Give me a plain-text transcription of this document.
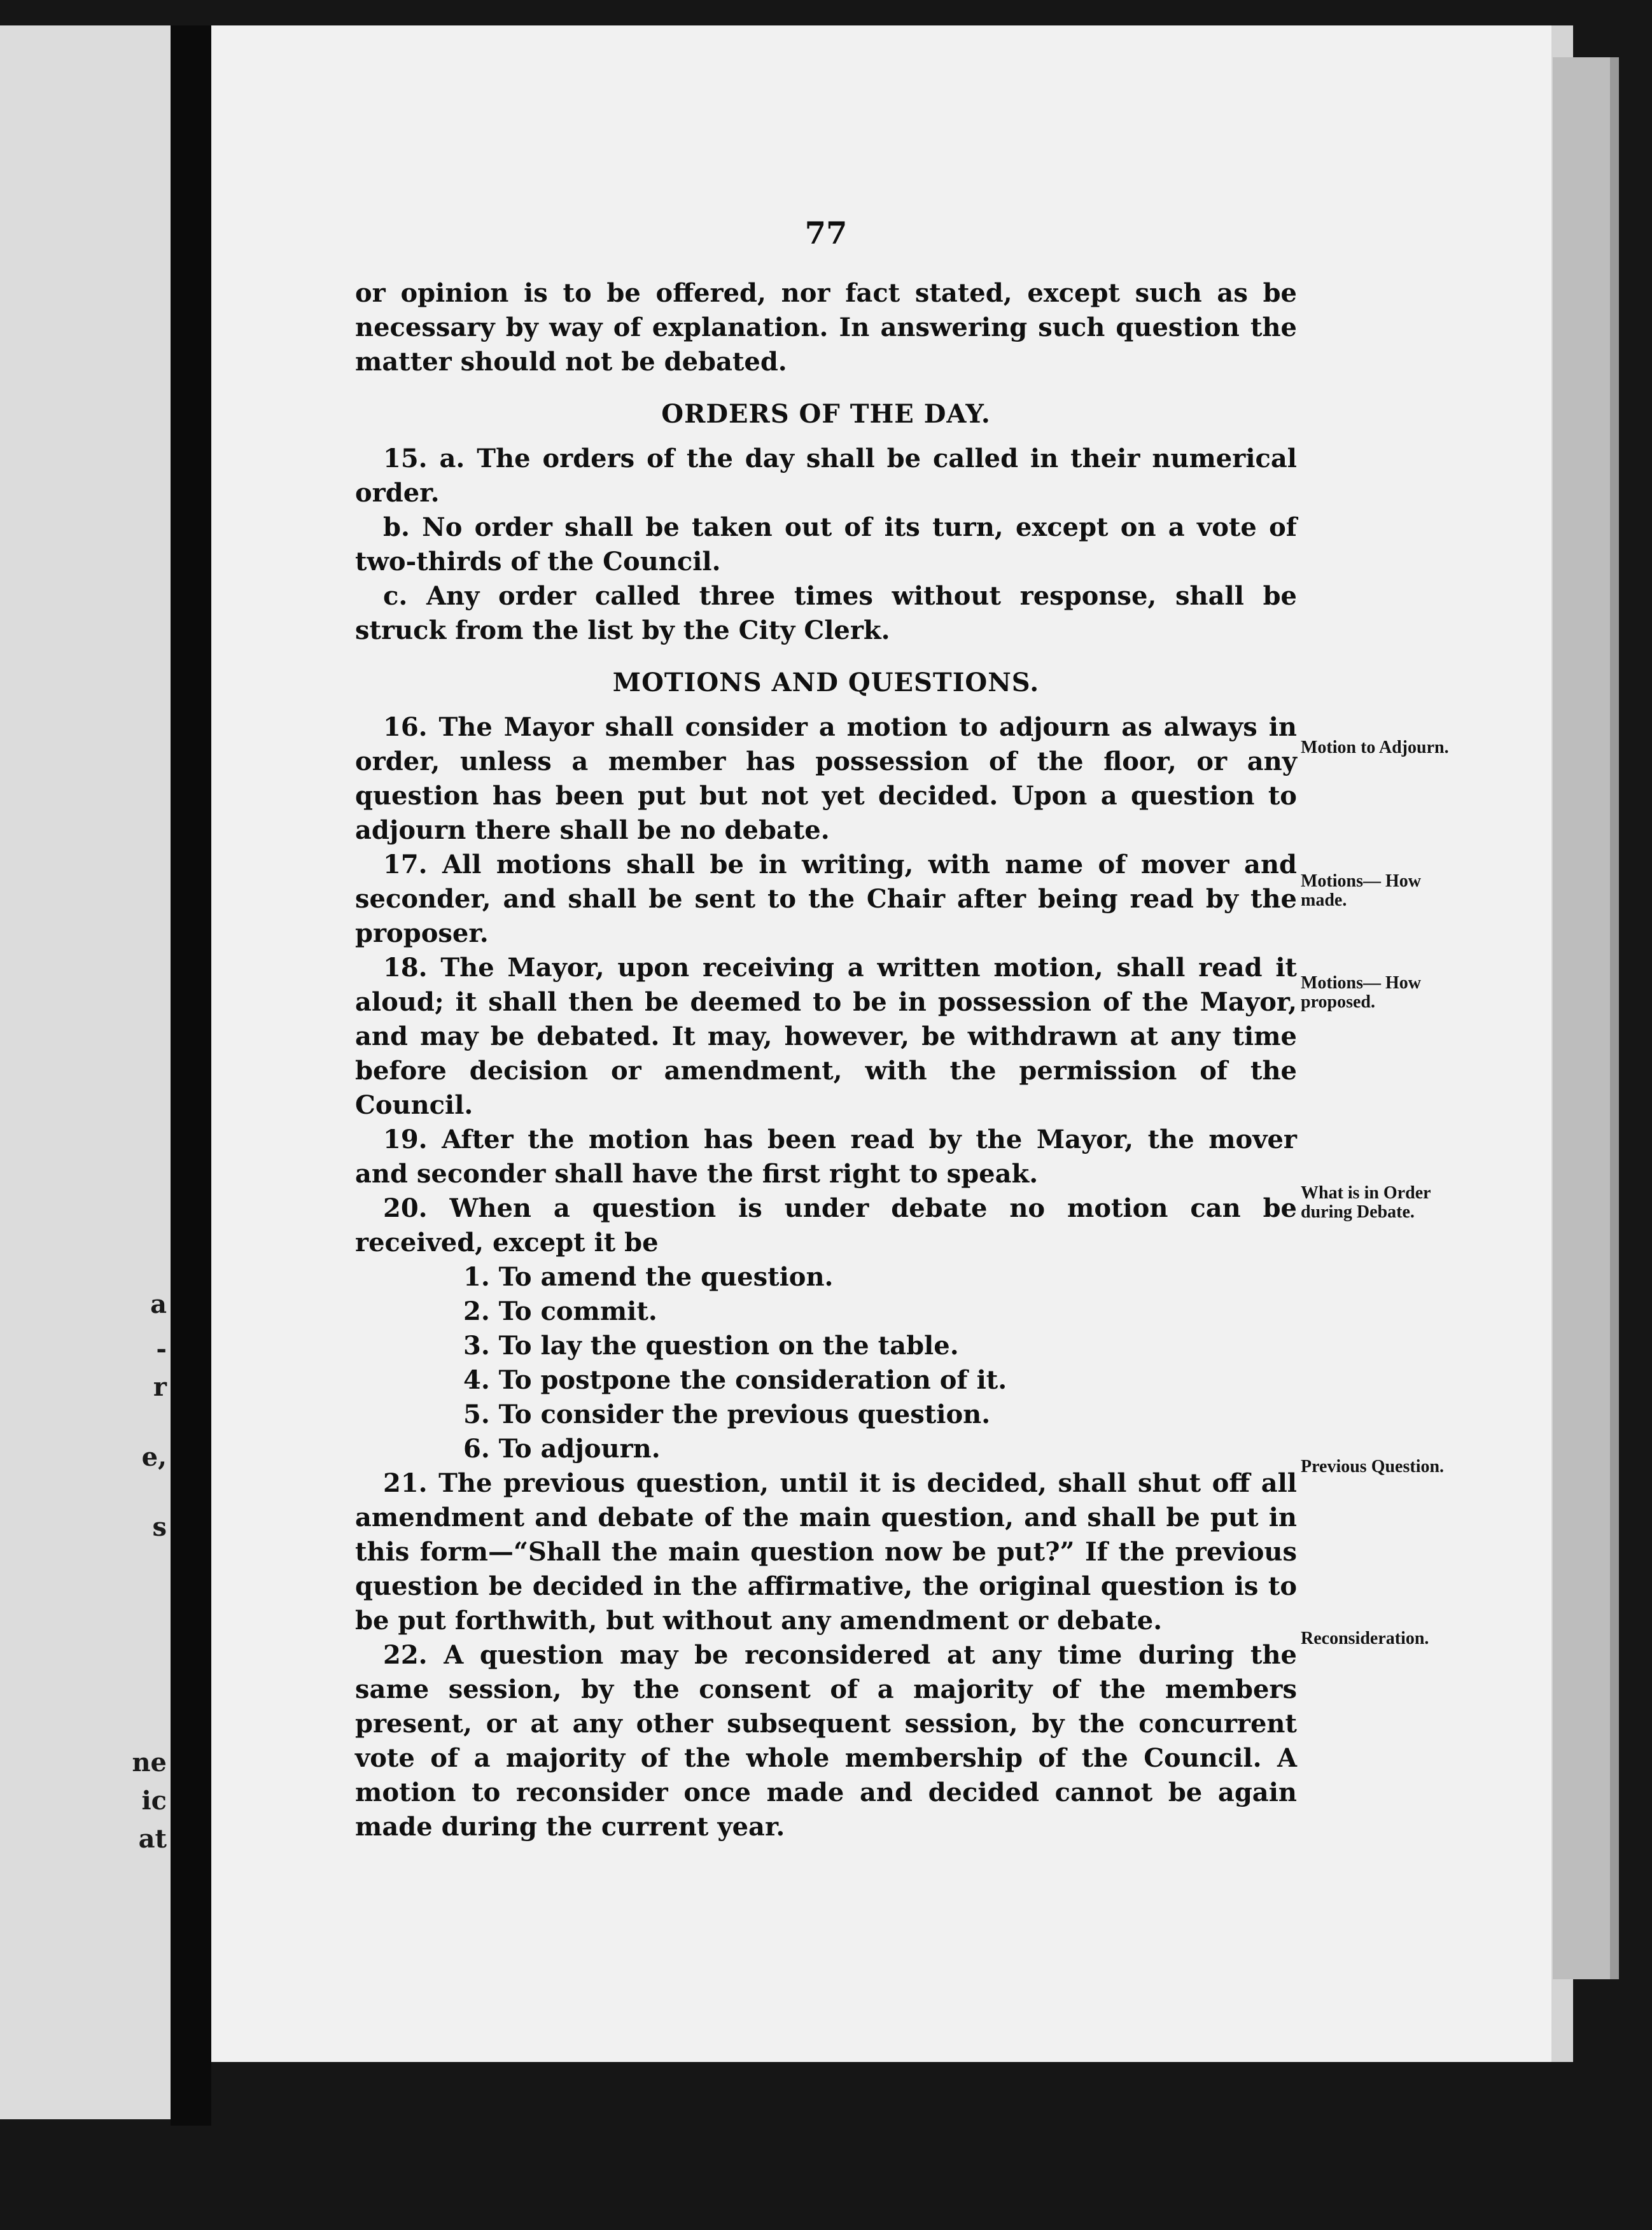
a
-
r
e,
s
ne
ic
at
77

or opinion is to be offered, nor fact stated, except such as be necessary by way of explanation. In answering such question the matter should not be debated.

ORDERS OF THE DAY.

15. a. The orders of the day shall be called in their numerical order.

b. No order shall be taken out of its turn, except on a vote of two-thirds of the Council.

c. Any order called three times without response, shall be struck from the list by the City Clerk.

MOTIONS AND QUESTIONS.

16. The Mayor shall consider a motion to adjourn as always in order, unless a member has possession of the floor, or any question has been put but not yet decided. Upon a question to adjourn there shall be no debate.

17. All motions shall be in writing, with name of mover and seconder, and shall be sent to the Chair after being read by the proposer.

18. The Mayor, upon receiving a written motion, shall read it aloud; it shall then be deemed to be in possession of the Mayor, and may be debated. It may, however, be withdrawn at any time before decision or amendment, with the permission of the Council.

19. After the motion has been read by the Mayor, the mover and seconder shall have the first right to speak.

20. When a question is under debate no motion can be received, except it be

1. To amend the question.
2. To commit.
3. To lay the question on the table.
4. To postpone the consideration of it.
5. To consider the previous question.
6. To adjourn.

21. The previous question, until it is decided, shall shut off all amendment and debate of the main question, and shall be put in this form—“Shall the main question now be put?” If the previous question be decided in the affirmative, the original question is to be put forthwith, but without any amendment or debate.

22. A question may be reconsidered at any time during the same session, by the consent of a majority of the members present, or at any other subsequent session, by the concurrent vote of a majority of the whole membership of the Council. A motion to reconsider once made and decided cannot be again made during the current year.

Motion to Adjourn.
Motions— How made.
Motions— How proposed.
What is in Order during Debate.
Previous Question.
Reconsideration.
